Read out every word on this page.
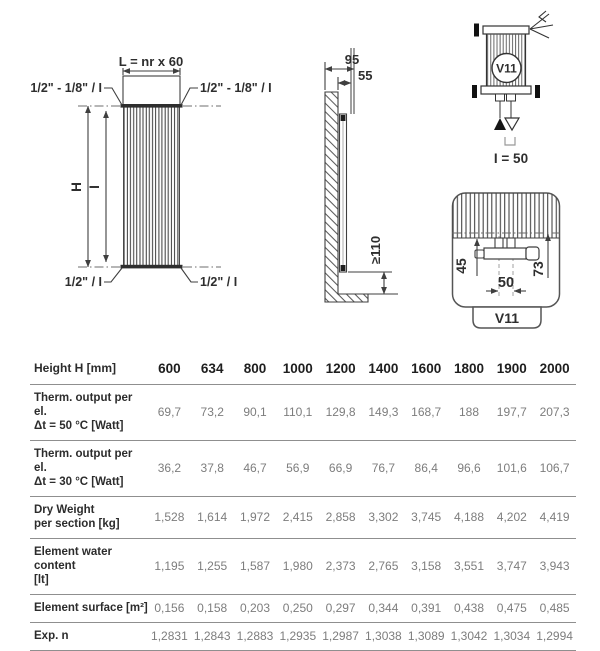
L = nr x 60
1/2" - 1/8" / I	1/2" - 1/8" / I
1/2" / I	1/2" / I
H I
95
55
≥110
V11
I = 50
45	73
50
V11
Height H [mm]	600	634	800	1000 1200 1400 1600 1800 1900 2000
Therm. output per el.
Δt = 50 °C [Watt]
69,7	73,2	90,1	110,1	129,8	149,3	168,7	188	197,7	207,3
Therm. output per el.
Δt = 30 °C [Watt]
36,2	37,8	46,7	56,9	66,9	76,7	86,4	96,6	101,6	106,7
Dry Weight
per section [kg]	1,528	1,614	1,972	2,415	2,858	3,302	3,745	4,188	4,202	4,419
Element water content
[lt]
1,195	1,255	1,587	1,980	2,373	2,765	3,158	3,551	3,747	3,943
Element surface [m²] 0,156	0,158	0,203	0,250	0,297	0,344	0,391	0,438	0,475	0,485
Exp. n	1,2831 1,2843 1,2883 1,2935 1,2987 1,3038 1,3089 1,3042 1,3034 1,2994
